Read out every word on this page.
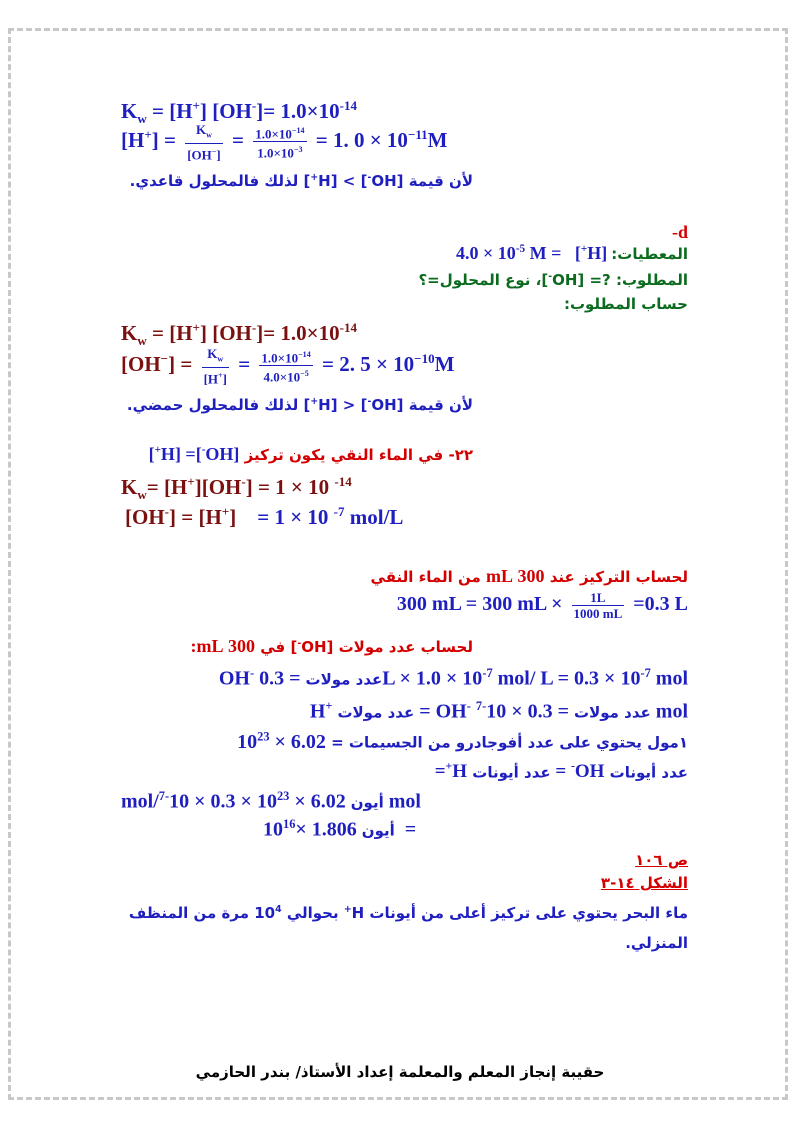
$K_w = [H^+]$ $[OH^-]= 1.0\times 10^{-14}$
$[H^+] = \frac{K_w}{[OH^-]} = \frac{1.0\times 10^{-14}}{1.0\times 10^{-3}} = 1$. $0 \times 10^{-11}M$
لأن قيمة [OH-] > [H+] لذلك فالمحلول قاعدي.
-d
المعطيات: $[H^+] = 4.0 \times 10^{-5}$ M
المطلوب: ?= [OH-]، نوع المحلول=؟
حساب المطلوب:
$K_w = [H^+]$ $[OH^-]= 1.0\times 10^{-14}$
$[OH^-] = \frac{K_w}{[H^+]} = \frac{1.0\times 10^{-14}}{4.0\times 10^{-5}} = 2$. $5 \times 10^{-10}M$
لأن قيمة [OH-] < [H+] لذلك فالمحلول حمضي.
٢٢- في الماء النقي يكون تركيز [OH-]= [H+]
$K_w= [H^+][OH^-] = 1 \times 10$ $^{-14}$
[OH-] = [H+]    = 1 × 10 $^{-7}$ mol/L
لحساب التركيز عند 300 mL من الماء النقي
300 mL = 300 mL × $\frac{1L}{1000 mL} =0.3$ L
لحساب عدد مولات [OH-] في 300 mL:
OH-	عدد مولات = $0.3L \times 1.0 \times 10^{-7}$ mol/ $L = 0.3 \times 10^{-7}$ mol
H+ عدد مولات = OH-	عدد مولات = $0.3 \times 10^{-7}$	mol
١مول يحتوي على عدد أفوجادرو من الجسيمات = $6.02 \times 10^{23}$
عدد أيونات OH- = عدد أيونات H+=
mol/	أيون $6.02 \times 10^{23} \times 0.3 \times 10^{-7}$	mol
أيون $1.806 \times 10^{16}$	=
ص ١٠٦
الشكل ١٤-٣
ماء البحر يحتوي على تركيز أعلى من أيونات H+ بحوالي $10^4$ مرة من المنظف
المنزلي.
حقيبة إنجاز المعلم والمعلمة إعداد الأستاذ/ بندر الحازمي
